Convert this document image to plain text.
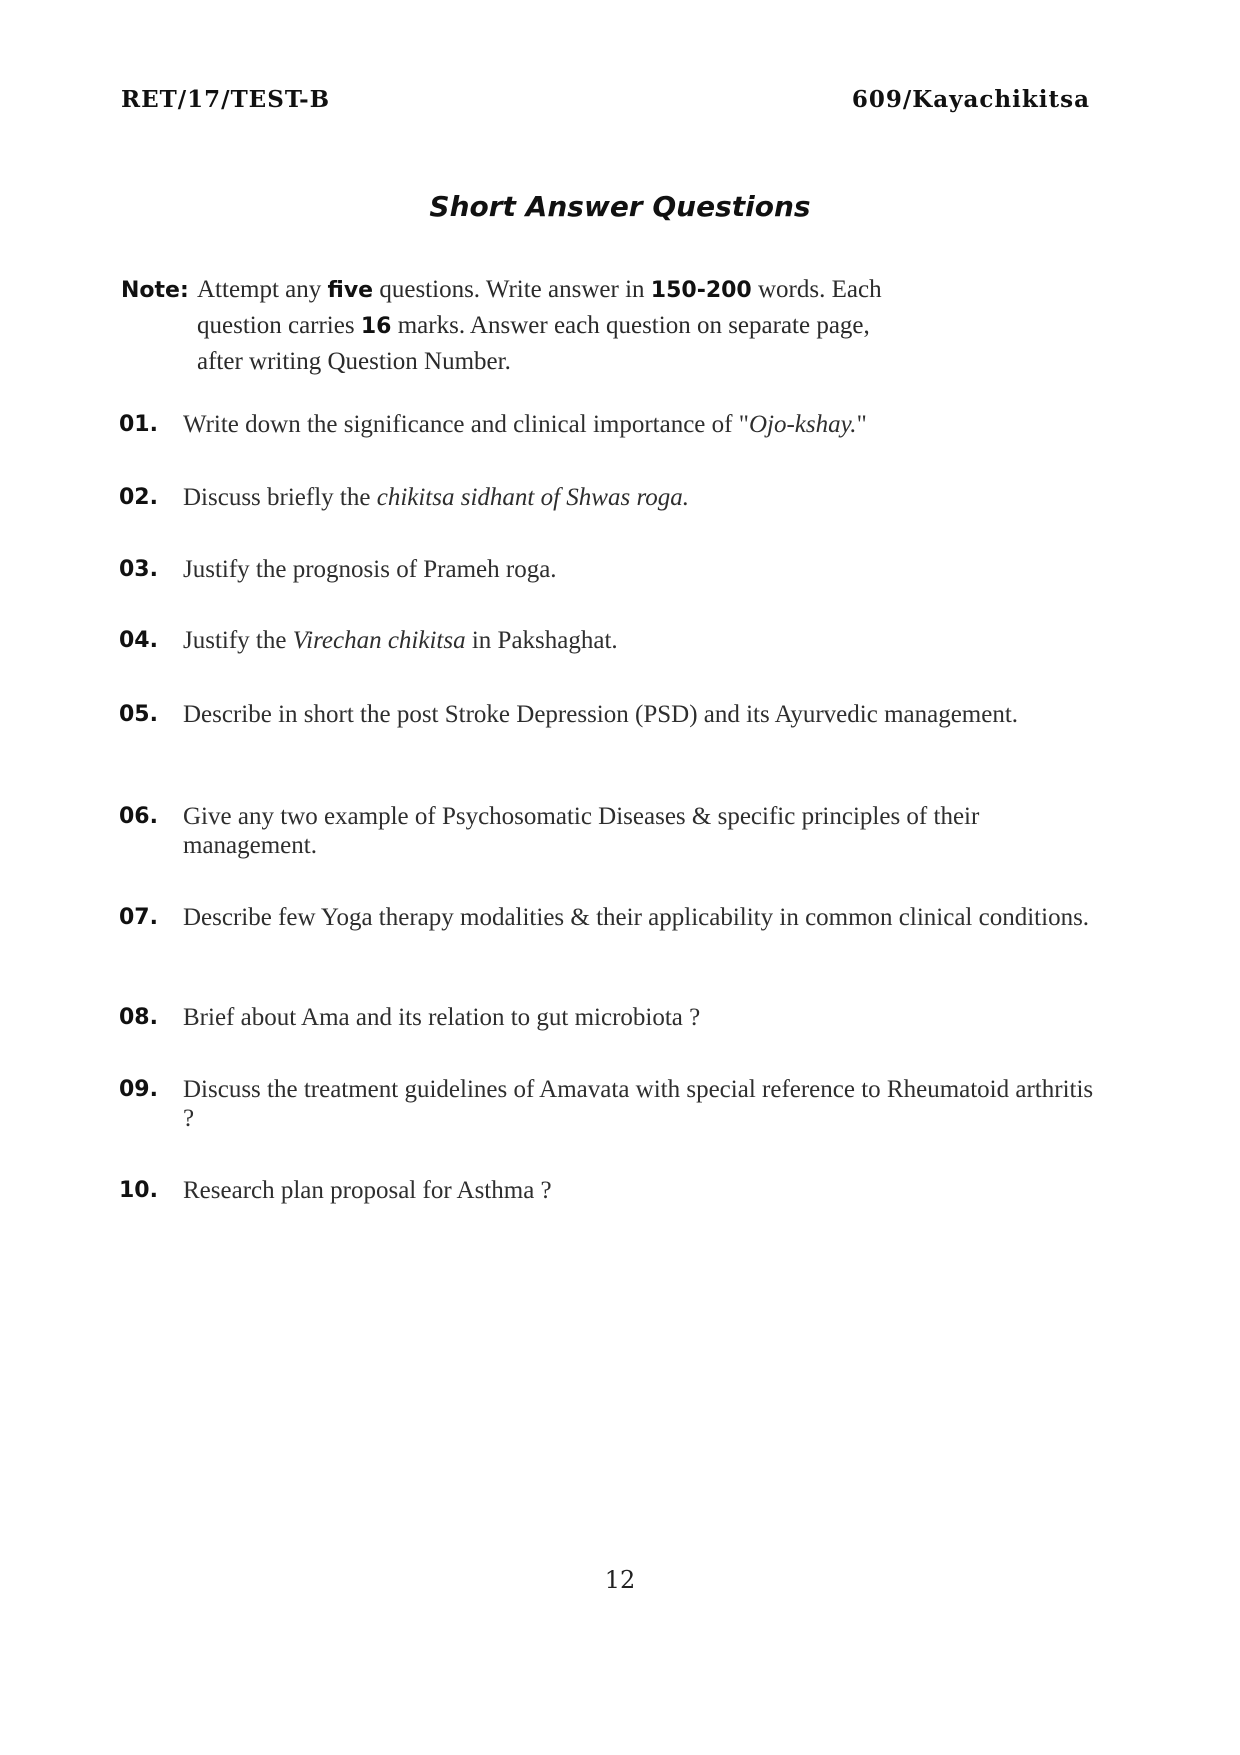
RET/17/TEST-B	609/Kayachikitsa
Short Answer Questions
Note: Attempt any five questions. Write answer in 150-200 words. Each
question carries 16 marks. Answer each question on separate page,
after writing Question Number.
01.	Write down the significance and clinical importance of "Ojo-kshay."
02.	Discuss briefly the chikitsa sidhant of Shwas roga.
03.	Justify the prognosis of Prameh roga.
04.	Justify the Virechan chikitsa in Pakshaghat.
05.	Describe in short the post Stroke Depression (PSD) and its Ayurvedic management.
06.	Give any two example of Psychosomatic Diseases & specific principles of their management.
07.	Describe few Yoga therapy modalities & their applicability in common clinical conditions.
08.	Brief about Ama and its relation to gut microbiota ?
09.	Discuss the treatment guidelines of Amavata with special reference to Rheumatoid arthritis ?
10.	Research plan proposal for Asthma ?
12
